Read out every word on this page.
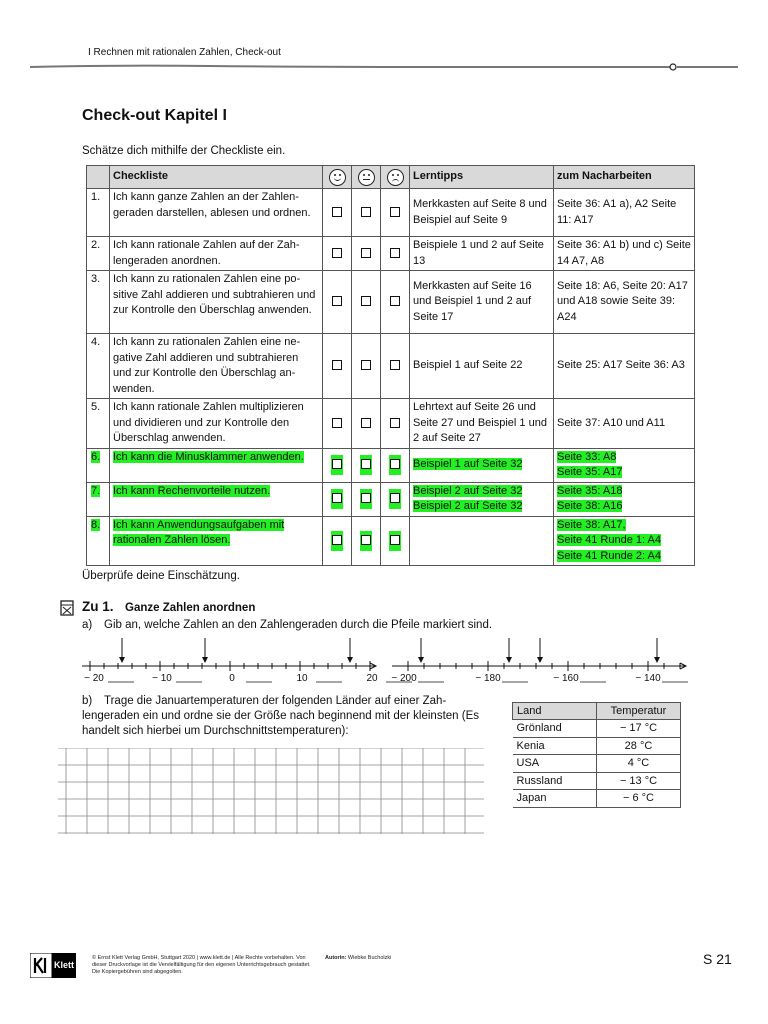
I Rechnen mit rationalen Zahlen, Check-out
Check-out Kapitel I
Schätze dich mithilfe der Checkliste ein.
	Checkliste				Lerntipps	zum Nacharbeiten
1.	Ich kann ganze Zahlen an der Zahlengeraden darstellen, ablesen und ordnen.				Merkkasten auf Seite 8 und Beispiel auf Seite 9	Seite 36: A1 a), A2 Seite 11: A17
2.	Ich kann rationale Zahlen auf der Zahlengeraden anordnen.				Beispiele 1 und 2 auf Seite 13	Seite 36: A1 b) und c) Seite 14 A7, A8
3.	Ich kann zu rationalen Zahlen eine positive Zahl addieren und subtrahieren und zur Kontrolle den Überschlag anwenden.				Merkkasten auf Seite 16 und Beispiel 1 und 2 auf Seite 17	Seite 18: A6, Seite 20: A17 und A18 sowie Seite 39: A24
4.	Ich kann zu rationalen Zahlen eine negative Zahl addieren und subtrahieren und zur Kontrolle den Überschlag anwenden.				Beispiel 1 auf Seite 22	Seite 25: A17 Seite 36: A3
5.	Ich kann rationale Zahlen multiplizieren und dividieren und zur Kontrolle den Überschlag anwenden.				Lehrtext auf Seite 26 und Seite 27 und Beispiel 1 und 2 auf Seite 27	Seite 37: A10 und A11
6.	Ich kann die Minusklammer anwenden.				Beispiel 1 auf Seite 32	Seite 33: A8
Seite 35: A17
7.	Ich kann Rechenvorteile nutzen.				Beispiel 2 auf Seite 32
Beispiel 2 auf Seite 32	Seite 35: A18
Seite 38: A16
8.	Ich kann Anwendungsaufgaben mit rationalen Zahlen lösen.					Seite 38: A17,
Seite 41 Runde 1: A4
Seite 41 Runde 2: A4
Überprüfe deine Einschätzung.
Zu 1. Ganze Zahlen anordnen
a) Gib an, welche Zahlen an den Zahlengeraden durch die Pfeile markiert sind.
− 20	− 10	0	10	20 − 200	− 180	− 160	− 140
b) Trage die Januartemperaturen der folgenden Länder auf einer Zahlengeraden ein und ordne sie der Größe nach beginnend mit der kleinsten (Es handelt sich hierbei um Durchschnittstemperaturen):
Land	Temperatur
Grönland	− 17 °C
Kenia	28 °C
USA	4 °C
Russland	− 13 °C
Japan	− 6 °C
Klett
© Ernst Klett Verlag GmbH, Stuttgart 2020 | www.klett.de | Alle Rechte vorbehalten. Von dieser Druckvorlage ist die Vervielfältigung für den eigenen Unterrichtsgebrauch gestattet. Die Kopiergebühren sind abgegolten.
Autorin: Wiebke Bucholzki	S 21
